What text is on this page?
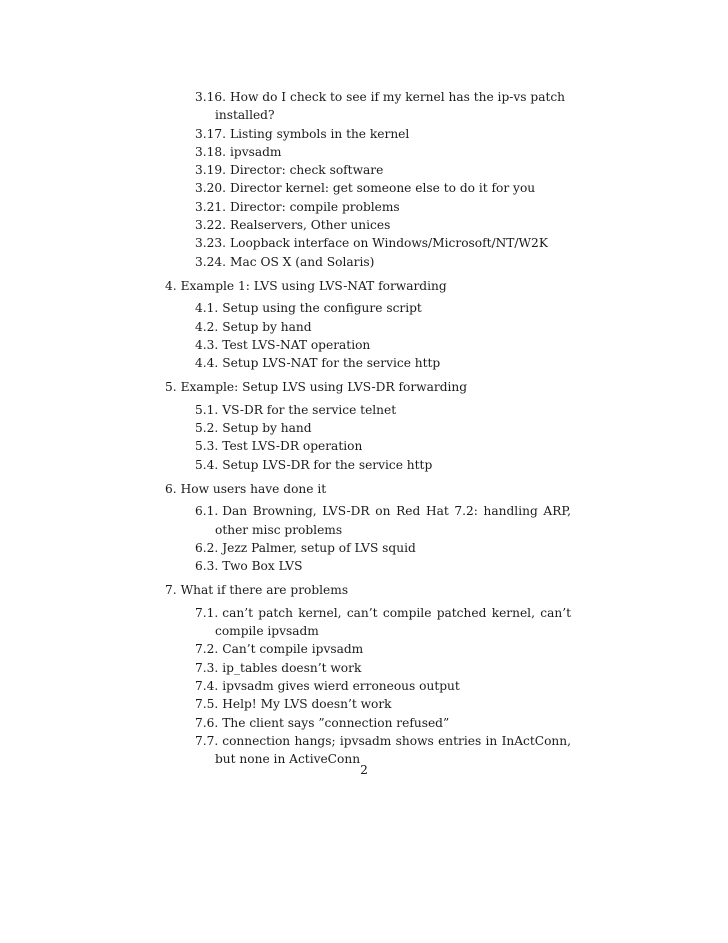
3.16. How do I check to see if my kernel has the ip-vs patch installed?
3.17. Listing symbols in the kernel
3.18. ipvsadm
3.19. Director: check software
3.20. Director kernel: get someone else to do it for you
3.21. Director: compile problems
3.22. Realservers, Other unices
3.23. Loopback interface on Windows/Microsoft/NT/W2K
3.24. Mac OS X (and Solaris)
4. Example 1: LVS using LVS-NAT forwarding
4.1. Setup using the configure script
4.2. Setup by hand
4.3. Test LVS-NAT operation
4.4. Setup LVS-NAT for the service http
5. Example: Setup LVS using LVS-DR forwarding
5.1. VS-DR for the service telnet
5.2. Setup by hand
5.3. Test LVS-DR operation
5.4. Setup LVS-DR for the service http
6. How users have done it
6.1. Dan Browning, LVS-DR on Red Hat 7.2: handling ARP, other misc problems
6.2. Jezz Palmer, setup of LVS squid
6.3. Two Box LVS
7. What if there are problems
7.1. can’t patch kernel, can’t compile patched kernel, can’t compile ipvsadm
7.2. Can’t compile ipvsadm
7.3. ip_tables doesn’t work
7.4. ipvsadm gives wierd erroneous output
7.5. Help! My LVS doesn’t work
7.6. The client says ”connection refused”
7.7. connection hangs; ipvsadm shows entries in InActConn, but none in ActiveConn
2
